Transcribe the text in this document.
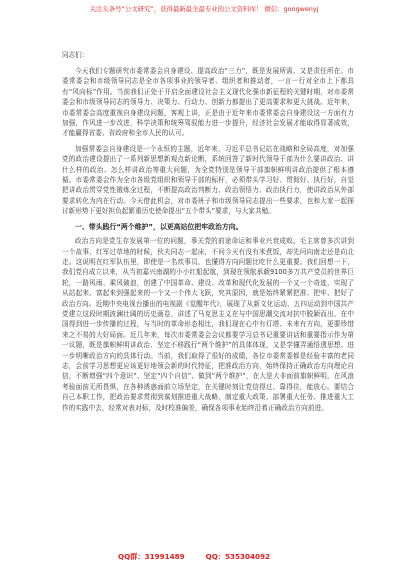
关注头条号“公文研究”，获得最新最全最专业的公文资料库！ 微信：gongwenyj
同志们：

今天我们专题研究市委常委会自身建设、提高政治“三力”，既是发展所需、又是责任所在。市委常委会和市级领导同志是全市各项事业的领导者、组织者和推动者，一言一行对全市上下都具有“风向标”作用。当前我们正处于开启全面建设社会主义现代化强市新征程的关键时期，对市委常委会和市级领导同志的领导力、决策力、行动力、创新力都提出了更高要求和更大挑战。近年来，市委常委会高度重视自身建设问题，客观上讲，正是由于近年来市委常委会自身建设这一方面有力加强，作风进一步改进，科学决策和统筹驾驭能力进一步提升，经济社会发展才能取得显著成效，才能赢得省委、省政府和全市人民的认可。

加强常委会自身建设是一个永恒的主题，近年来，习近平总书记站在战略和全局高度，对加强党的政治建设提出了一系列新思想新观点新论断，系统回答了新时代领导干部为什么要讲政治、讲什么样的政治、怎么样讲政治等重大问题，为全党特别是领导干部旗帜鲜明讲政治提供了根本遵循。市委常委会作为全市各级党组织和领导干部的标杆，必须带头学习好、贯彻好、执行好，自觉把讲政治贯穿党性锻炼全过程，不断提高政治判断力、政治领悟力、政治执行力，使讲政治从外部要求转化为内在行动。今天借此机会，对市委班子和市级领导同志提出一些要求，也和大家一起探讨新形势下更好担负起繁重历史使命提出“五个带头”要求，与大家共勉。

一、带头践行“两个维护”，以更高站位把牢政治方向。

政治方向是党生存发展第一位的问题，事关党的前途命运和事业兴衰成败。毛主席曾多次讲到一个故事，红军过草地的时候，伙夫同志一起床，不问今天有没有米煮饭，却先问向南走还是向北走。这说明在红军队伍里，即使是一名炊事员，也懂得方向问题比吃什么更重要。我们回想一下，我们党自成立以来，从当初嘉兴南湖的小小红船起航，到现在领航承载9100多万共产党员的世界巨轮，一路风雨、乘风破浪，创建了中国革命、建设、改革和现代化发展的一个又一个奇迹，实现了从站起来、富起来到强起来的一个又一个伟大飞跃，究其原因，就是始终紧紧把准、把牢、把好了政治方向。近期中央电视台播出的电视剧《觉醒年代》，展现了从新文化运动、五四运动到中国共产党建立这段时期波澜壮阔的历史画卷，讲述了马克思主义在与中国思潮交流对抗中脱颖而出、在中国得到进一步传播的过程，与当时的革命形态相比，我们现在心中有灯塔、未来有方向，更要珍惜来之不易的大好局面。近几年来，每次市委常委会会议都要学习总书记重要讲话和重要指示作为第一议题，既是旗帜鲜明讲政治、坚定不移践行“两个维护”的具体体现，又是学懂弄通悟透思想、进一步明晰政治方向的具体行动。当前，我们取得了很好的成绩，各位市委常委都是经验丰富的老同志，会前学习思想更应该更好地领会新的时代特征，把准政治方向，始终保持正确政治方向理论自信，不断增强“四个意识”、坚定“四个自信”、做到“两个维护”，在大是大非面前旗帜鲜明，在风浪考验面前无所畏惧，在各种诱惑面前立场坚定，在关键时刻让党信得过、靠得住，能放心。要结合自己本职工作，把政治要求贯彻到谋划推进重大战略、制定重大政策、部署重大任务、推进重大工作的实践中去，经常对表对标，及时校准偏差，确保各项事业始终沿着正确政治方向前进。

QQ群：31991489	QQ：535304092
